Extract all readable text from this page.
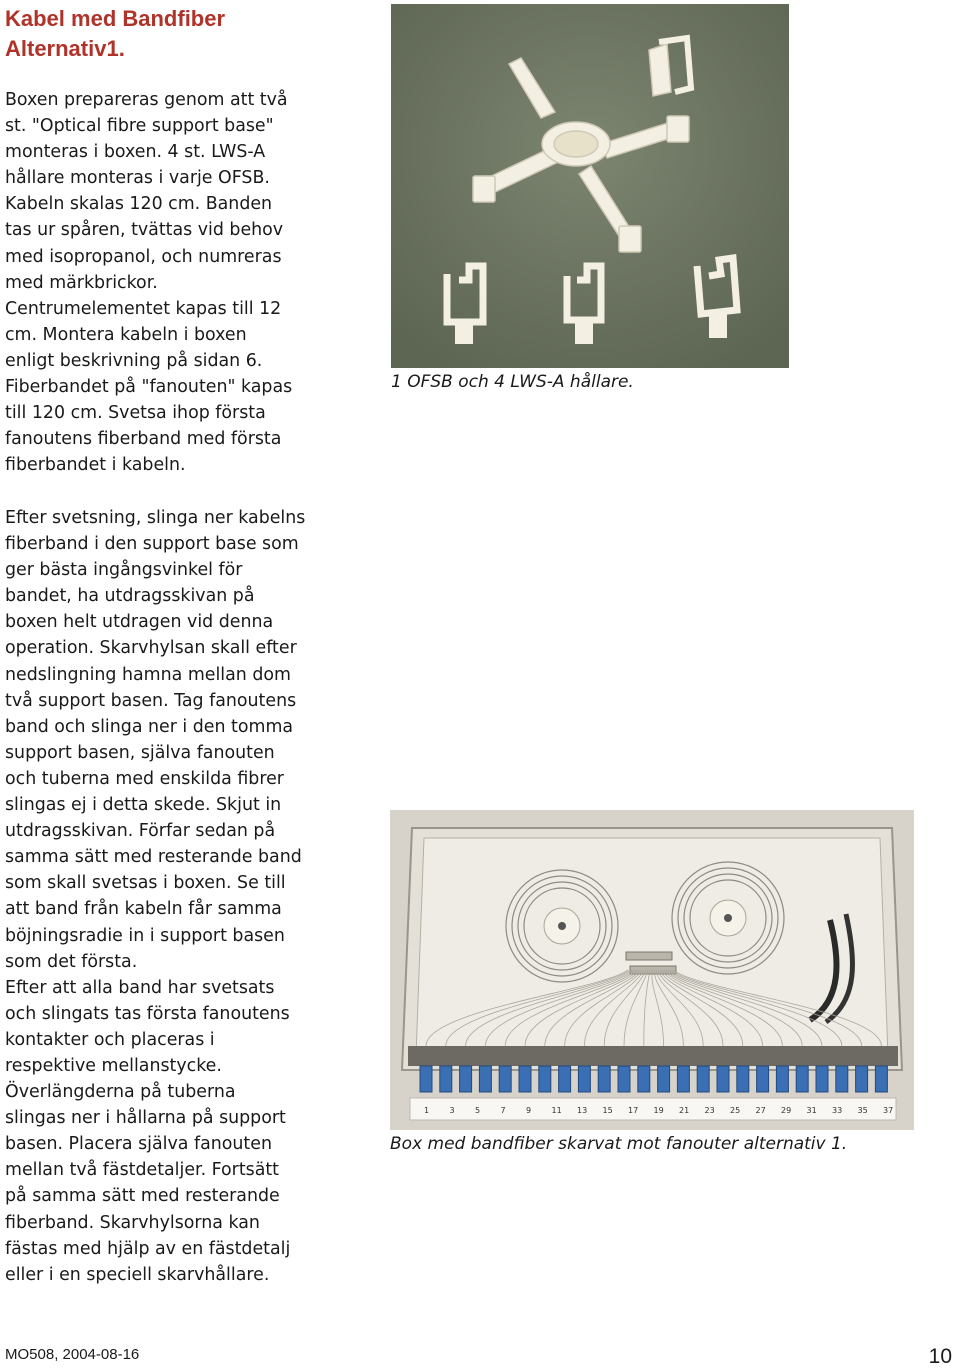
Kabel med Bandfiber
Alternativ1.

Boxen prepareras genom att två
st. "Optical fibre support base"
monteras i boxen. 4 st. LWS-A
hållare monteras i varje OFSB.
Kabeln skalas 120 cm. Banden
tas ur spåren, tvättas vid behov
med isopropanol, och numreras
med märkbrickor.
Centrumelementet kapas till 12
cm. Montera kabeln i boxen
enligt beskrivning på sidan 6.
Fiberbandet på "fanouten" kapas
till 120 cm. Svetsa ihop första
fanoutens fiberband med första
fiberbandet i kabeln.

Efter svetsning, slinga ner kabelns
fiberband i den support base som
ger bästa ingångsvinkel för
bandet, ha utdragsskivan på
boxen helt utdragen vid denna
operation. Skarvhylsan skall efter
nedslingning hamna mellan dom
två support basen. Tag fanoutens
band och slinga ner i den tomma
support basen, själva fanouten
och tuberna med enskilda fibrer
slingas ej i detta skede. Skjut in
utdragsskivan. Förfar sedan på
samma sätt med resterande band
som skall svetsas i boxen. Se till
att band från kabeln får samma
böjningsradie in i support basen
som det första.
Efter att alla band har svetsats
och slingats tas första fanoutens
kontakter och placeras i
respektive mellanstycke.
Överlängderna på tuberna
slingas ner i hållarna på support
basen. Placera själva fanouten
mellan två fästdetaljer. Fortsätt
på samma sätt med resterande
fiberband. Skarvhylsorna kan
fästas med hjälp av en fästdetalj
eller i en speciell skarvhållare.

1 OFSB och 4 LWS-A hållare.

1	3	5	7	9	11 13 15 17 19 21 23 25 27 29 31 33 35 37

Box med bandfiber skarvat mot fanouter alternativ 1.

MO508, 2004-08-16	10
